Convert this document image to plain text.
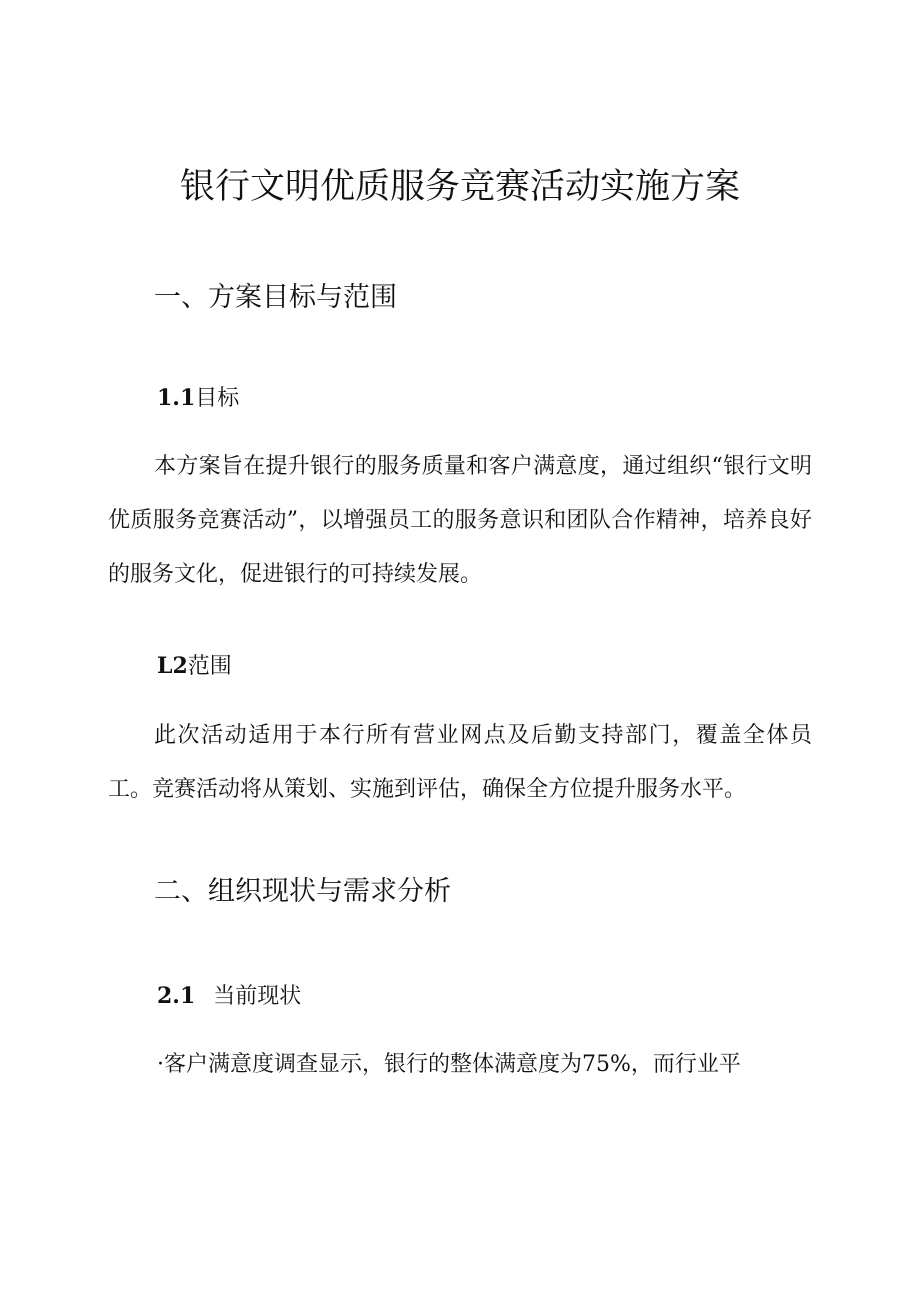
银行文明优质服务竞赛活动实施方案
一、方案目标与范围
1.1目标
本方案旨在提升银行的服务质量和客户满意度，通过组织“银行文明优质服务竞赛活动”，以增强员工的服务意识和团队合作精神，培养良好的服务文化，促进银行的可持续发展。
L2范围
此次活动适用于本行所有营业网点及后勤支持部门，覆盖全体员工。竞赛活动将从策划、实施到评估，确保全方位提升服务水平。
二、组织现状与需求分析
2.1 当前现状
·客户满意度调查显示，银行的整体满意度为75%，而行业平
